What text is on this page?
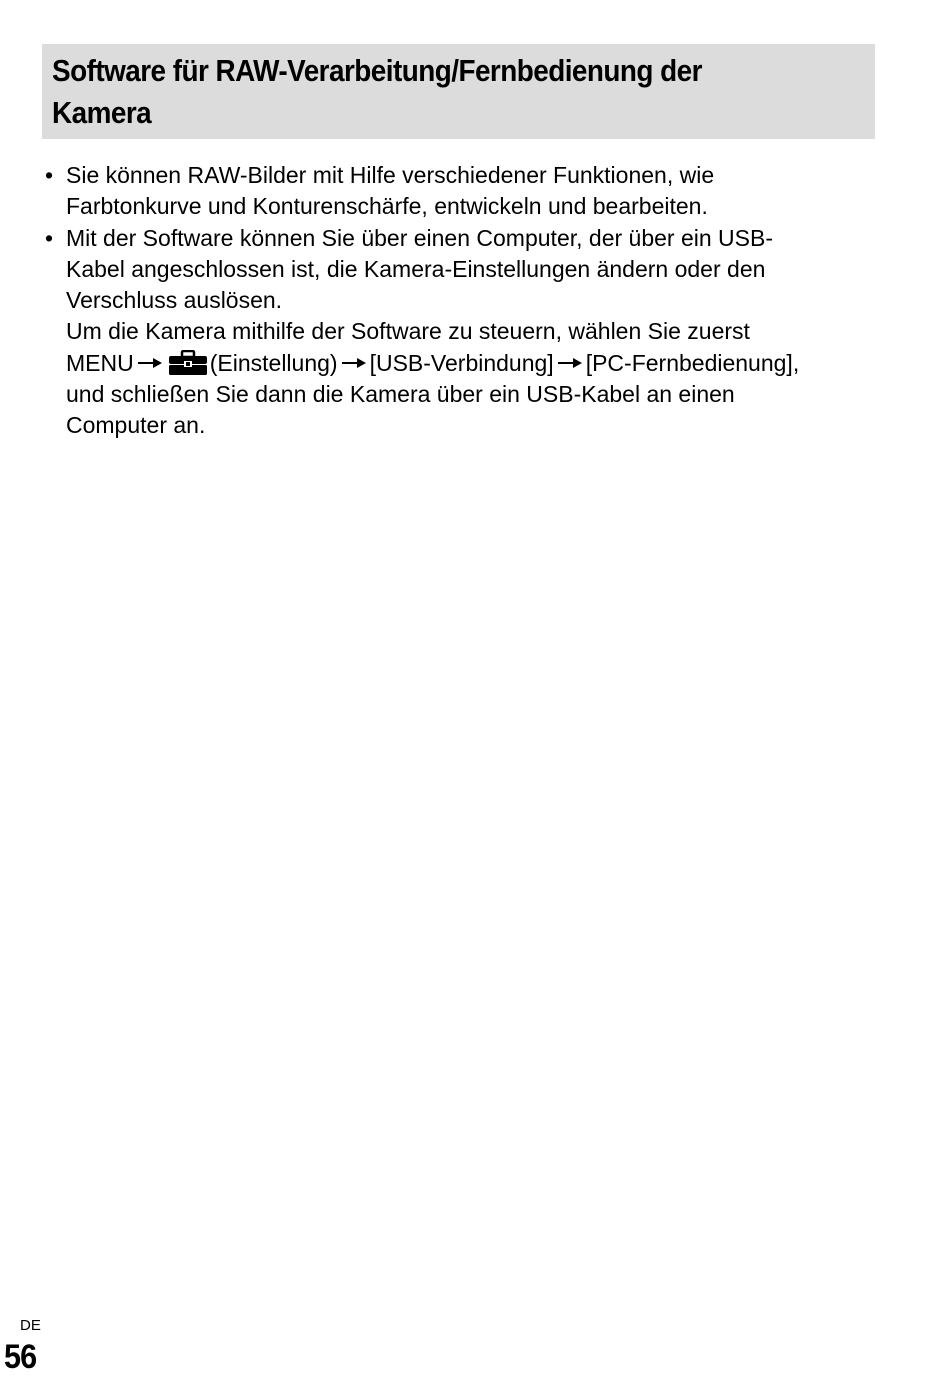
Software für RAW-Verarbeitung/Fernbedienung der
Kamera
• Sie können RAW-Bilder mit Hilfe verschiedener Funktionen, wie
Farbtonkurve und Konturenschärfe, entwickeln und bearbeiten.
• Mit der Software können Sie über einen Computer, der über ein USB-
Kabel angeschlossen ist, die Kamera-Einstellungen ändern oder den
Verschluss auslösen.
Um die Kamera mithilfe der Software zu steuern, wählen Sie zuerst
MENU	(Einstellung) [USB-Verbindung] [PC-Fernbedienung],
und schließen Sie dann die Kamera über ein USB-Kabel an einen
Computer an.
DE
56
